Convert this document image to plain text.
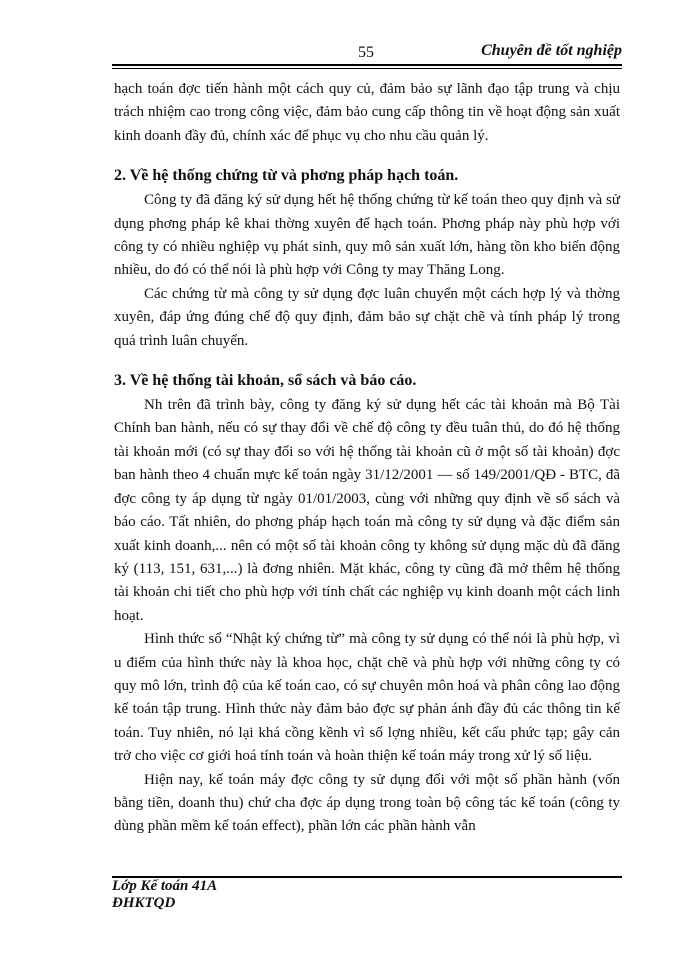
55	Chuyên đề tốt nghiệp

hạch toán đợc tiến hành một cách quy củ, đảm bảo sự lãnh đạo tập trung và chịu trách nhiệm cao trong công việc, đảm bảo cung cấp thông tin về hoạt động sản xuất kinh doanh đầy đủ, chính xác để phục vụ cho nhu cầu quản lý.

2. Về hệ thống chứng từ và phơng pháp hạch toán.

Công ty đã đăng ký sử dụng hết hệ thống chứng từ kế toán theo quy định và sử dụng phơng pháp kê khai thờng xuyên để hạch toán. Phơng pháp này phù hợp với công ty có nhiều nghiệp vụ phát sinh, quy mô sản xuất lớn, hàng tồn kho biến động nhiều, do đó có thể nói là phù hợp với Công ty may Thăng Long.

Các chứng từ mà công ty sử dụng đợc luân chuyển một cách hợp lý và thờng xuyên, đáp ứng đúng chế độ quy định, đảm bảo sự chặt chẽ và tính pháp lý trong quá trình luân chuyển.

3. Về hệ thống tài khoản, sổ sách và báo cáo.

Nh trên đã trình bày, công ty đăng ký sử dụng hết các tài khoản mà Bộ Tài Chính ban hành, nếu có sự thay đổi về chế độ công ty đều tuân thủ, do đó hệ thống tài khoản mới (có sự thay đổi so với hệ thống tài khoản cũ ở một số tài khoản) đợc ban hành theo 4 chuẩn mực kế toán ngày 31/12/2001 — số 149/2001/QĐ - BTC, đã đợc công ty áp dụng từ ngày 01/01/2003, cùng với những quy định về sổ sách và báo cáo. Tất nhiên, do phơng pháp hạch toán mà công ty sử dụng và đặc điểm sản xuất kinh doanh,... nên có một số tài khoản công ty không sử dụng mặc dù đã đăng ký (113, 151, 631,...) là đơng nhiên. Mặt khác, công ty cũng đã mở thêm hệ thống tài khoản chi tiết cho phù hợp với tính chất các nghiệp vụ kinh doanh một cách linh hoạt.

Hình thức sổ “Nhật ký chứng từ” mà công ty sử dụng có thể nói là phù hợp, vì u điểm của hình thức này là khoa học, chặt chẽ và phù hợp với những công ty có quy mô lớn, trình độ của kế toán cao, có sự chuyên môn hoá và phân công lao động kế toán tập trung. Hình thức này đảm bảo đợc sự phản ánh đầy đủ các thông tin kế toán. Tuy nhiên, nó lại khá cồng kềnh vì số lợng nhiều, kết cấu phức tạp; gây cản trở cho việc cơ giới hoá tính toán và hoàn thiện kế toán máy trong xử lý số liệu.

Hiện nay, kế toán máy đợc công ty sử dụng đối với một số phần hành (vốn bằng tiền, doanh thu) chứ cha đợc áp dụng trong toàn bộ công tác kế toán (công ty dùng phần mềm kế toán effect), phần lớn các phần hành vẫn

Lớp Kế toán 41A
ĐHKTQD
